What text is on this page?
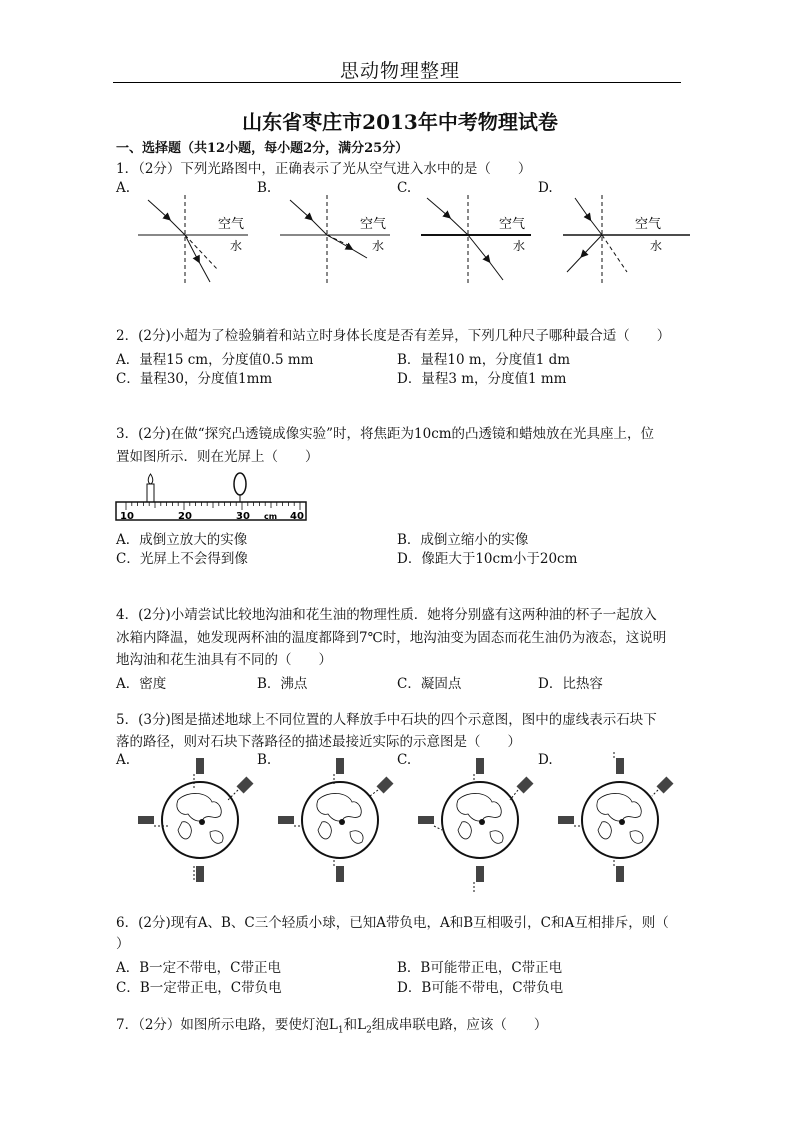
思动物理整理
山东省枣庄市2013年中考物理试卷
一、选择题（共12小题，每小题2分，满分25分）
1．（2分）下列光路图中，正确表示了光从空气进入水中的是（　　）
A.	B.	C.	D.
空气
水
空气
水
空气
水
空气
水
2．(2分)小超为了检验躺着和站立时身体长度是否有差异，下列几种尺子哪种最合适（　　）
A．量程15 cm，分度值0.5 mm	B．量程10 m，分度值1 dm
C．量程30，分度值1mm	D．量程3 m，分度值1 mm
3．(2分)在做“探究凸透镜成像实验”时，将焦距为10cm的凸透镜和蜡烛放在光具座上，位
置如图所示．则在光屏上（　　）
10	20	30 cm 40
A．成倒立放大的实像	B．成倒立缩小的实像
C．光屏上不会得到像	D．像距大于10cm小于20cm
4．(2分)小靖尝试比较地沟油和花生油的物理性质．她将分别盛有这两种油的杯子一起放入
冰箱内降温，她发现两杯油的温度都降到7℃时，地沟油变为固态而花生油仍为液态，这说明
地沟油和花生油具有不同的（　　）
A．密度	B．沸点	C．凝固点	D．比热容
5．(3分)图是描述地球上不同位置的人释放手中石块的四个示意图，图中的虚线表示石块下
落的路径，则对石块下落路径的描述最接近实际的示意图是（　　）
A.	B.	C.	D.
6．(2分)现有A、B、C三个轻质小球，已知A带负电，A和B互相吸引，C和A互相排斥，则（
）
A．B一定不带电，C带正电	B．B可能带正电，C带正电
C．B一定带正电，C带负电	D．B可能不带电，C带负电
7．（2分）如图所示电路，要使灯泡$L_1$和$L_2$组成串联电路，应该（　　）
